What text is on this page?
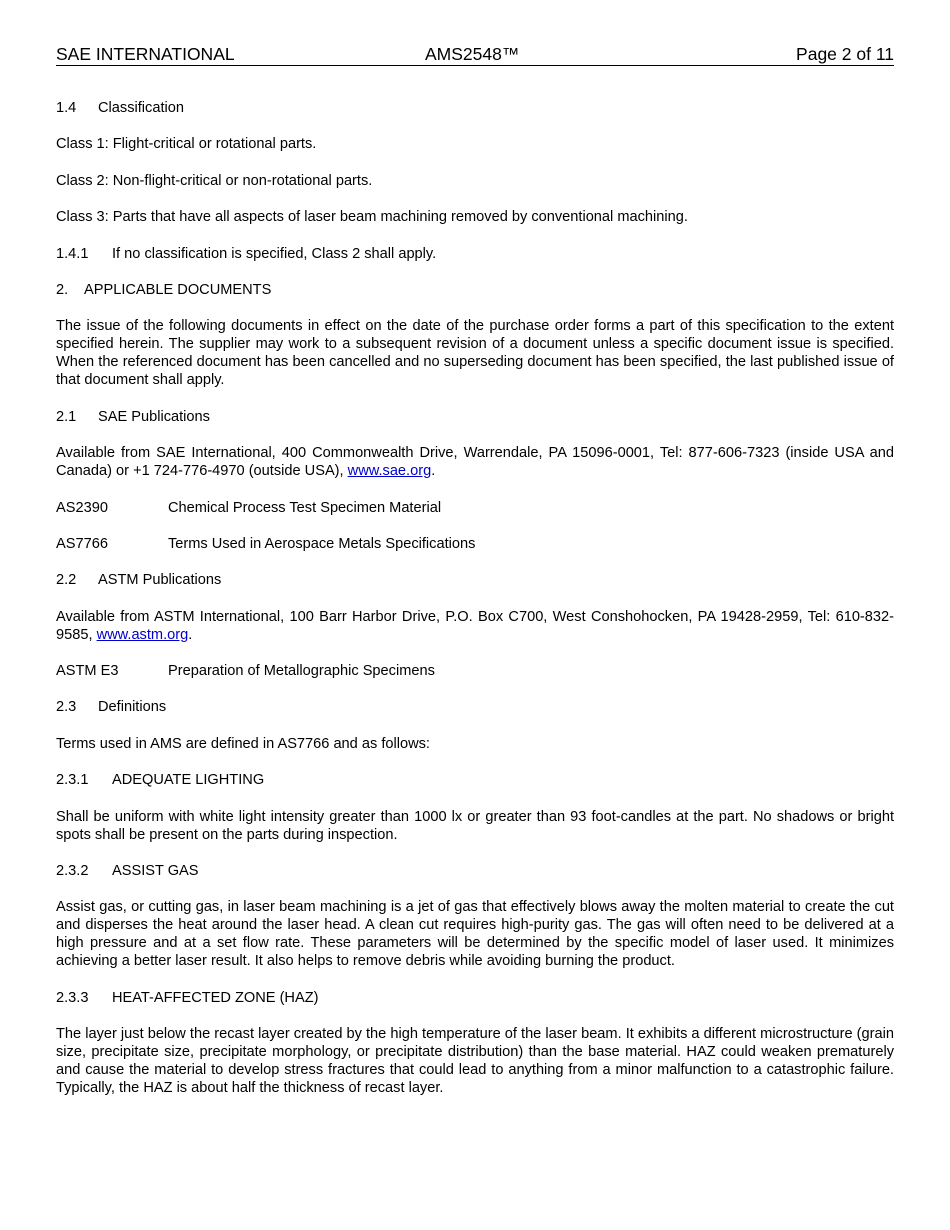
SAE INTERNATIONAL	AMS2548™	Page 2 of 11

1.4 Classification

Class 1: Flight-critical or rotational parts.

Class 2: Non-flight-critical or non-rotational parts.

Class 3: Parts that have all aspects of laser beam machining removed by conventional machining.

1.4.1 If no classification is specified, Class 2 shall apply.

2. APPLICABLE DOCUMENTS

The issue of the following documents in effect on the date of the purchase order forms a part of this specification to the extent specified herein. The supplier may work to a subsequent revision of a document unless a specific document issue is specified. When the referenced document has been cancelled and no superseding document has been specified, the last published issue of that document shall apply.

2.1 SAE Publications

Available from SAE International, 400 Commonwealth Drive, Warrendale, PA 15096-0001, Tel: 877-606-7323 (inside USA and Canada) or +1 724-776-4970 (outside USA), www.sae.org.

AS2390	Chemical Process Test Specimen Material
AS7766	Terms Used in Aerospace Metals Specifications

2.2 ASTM Publications

Available from ASTM International, 100 Barr Harbor Drive, P.O. Box C700, West Conshohocken, PA 19428-2959, Tel: 610-832-9585, www.astm.org.

ASTM E3	Preparation of Metallographic Specimens

2.3 Definitions

Terms used in AMS are defined in AS7766 and as follows:

2.3.1 ADEQUATE LIGHTING

Shall be uniform with white light intensity greater than 1000 lx or greater than 93 foot-candles at the part. No shadows or bright spots shall be present on the parts during inspection.

2.3.2 ASSIST GAS

Assist gas, or cutting gas, in laser beam machining is a jet of gas that effectively blows away the molten material to create the cut and disperses the heat around the laser head. A clean cut requires high-purity gas. The gas will often need to be delivered at a high pressure and at a set flow rate. These parameters will be determined by the specific model of laser used. It minimizes achieving a better laser result. It also helps to remove debris while avoiding burning the product.

2.3.3 HEAT-AFFECTED ZONE (HAZ)

The layer just below the recast layer created by the high temperature of the laser beam. It exhibits a different microstructure (grain size, precipitate size, precipitate morphology, or precipitate distribution) than the base material. HAZ could weaken prematurely and cause the material to develop stress fractures that could lead to anything from a minor malfunction to a catastrophic failure. Typically, the HAZ is about half the thickness of recast layer.
